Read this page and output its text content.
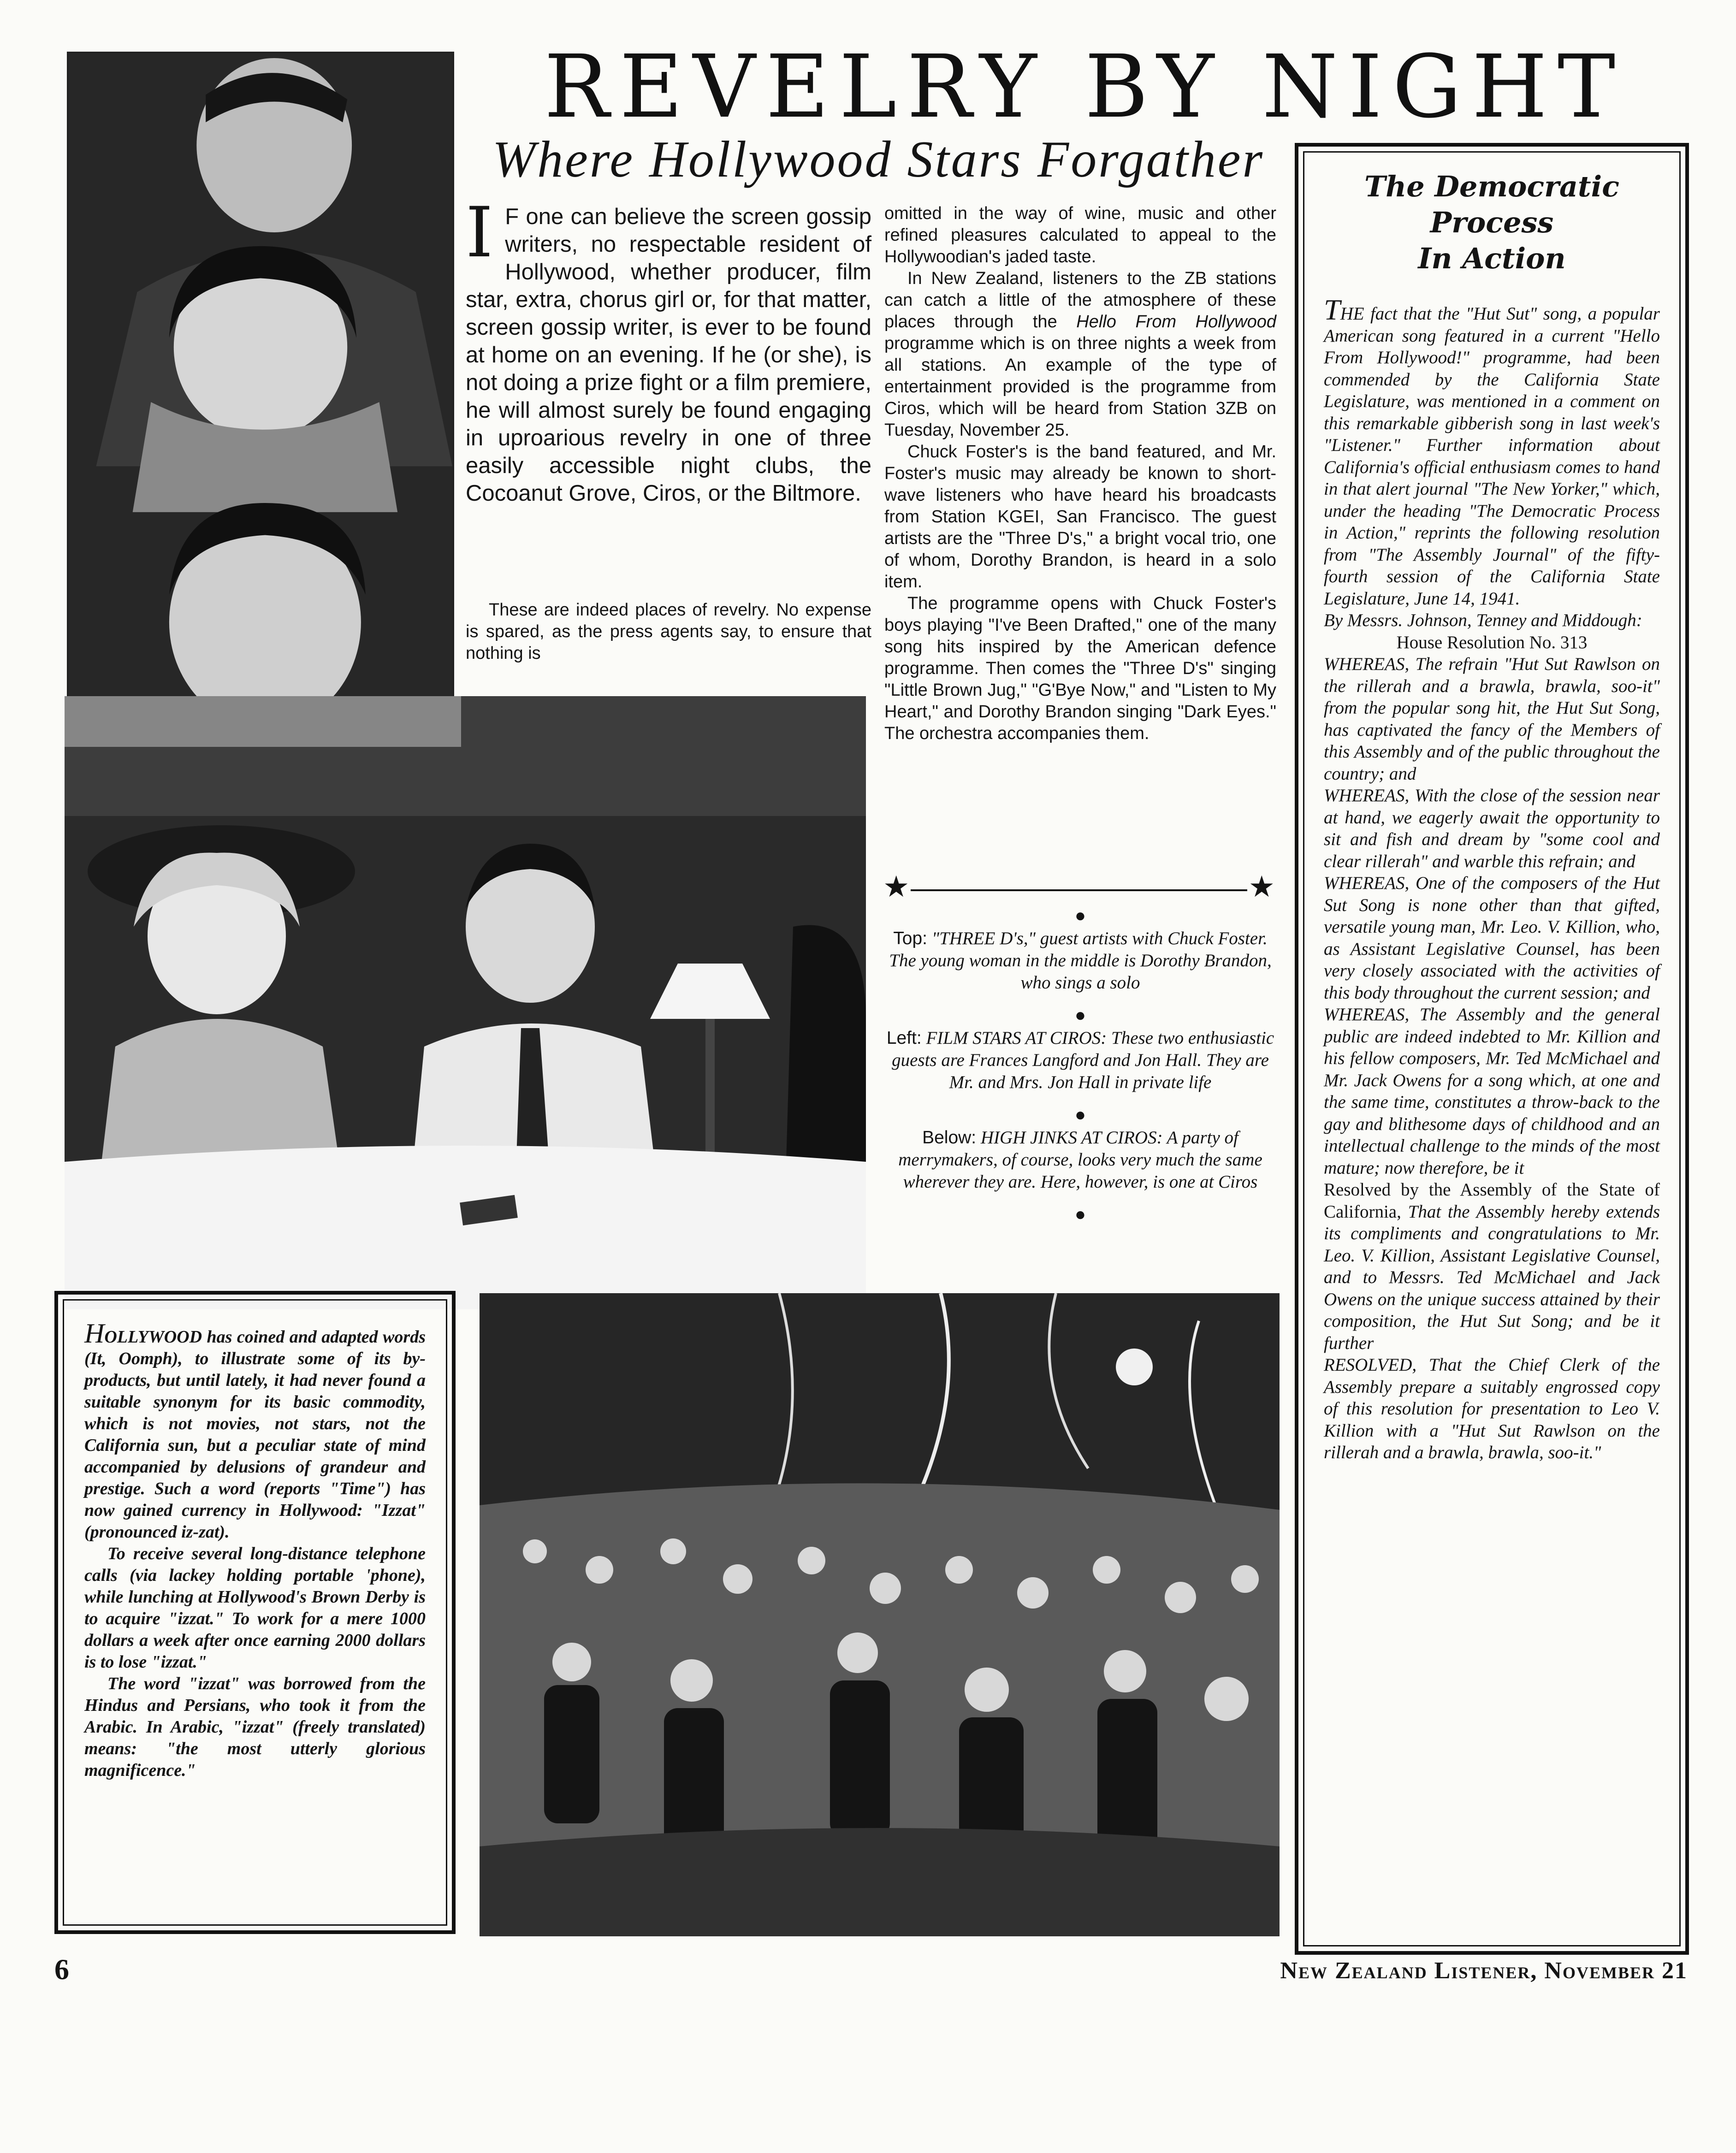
REVELRY BY NIGHT
Where Hollywood Stars Forgather
I F one can believe the screen gossip writers, no respectable resident of Hollywood, whether producer, film star, extra, chorus girl or, for that matter, screen gossip writer, is ever to be found at home on an evening. If he (or she), is not doing a prize fight or a film premiere, he will almost surely be found engaging in uproarious revelry in one of three easily accessible night clubs, the Cocoanut Grove, Ciros, or the Biltmore.

These are indeed places of revelry. No expense is spared, as the press agents say, to ensure that nothing is

omitted in the way of wine, music and other refined pleasures calculated to appeal to the Hollywoodian's jaded taste.

In New Zealand, listeners to the ZB stations can catch a little of the atmosphere of these places through the Hello From Hollywood programme which is on three nights a week from all stations. An example of the type of entertainment provided is the programme from Ciros, which will be heard from Station 3ZB on Tuesday, November 25.

Chuck Foster's is the band featured, and Mr. Foster's music may already be known to short-wave listeners who have heard his broadcasts from Station KGEI, San Francisco. The guest artists are the "Three D's," a bright vocal trio, one of whom, Dorothy Brandon, is heard in a solo item.

The programme opens with Chuck Foster's boys playing "I've Been Drafted," one of the many song hits inspired by the American defence programme. Then comes the "Three D's" singing "Little Brown Jug," "G'Bye Now," and "Listen to My Heart," and Dorothy Brandon singing "Dark Eyes." The orchestra accompanies them.

★	★
●
Top: "THREE D's," guest artists with Chuck Foster. The young woman in the middle is Dorothy Brandon, who sings a solo
●
Left: FILM STARS AT CIROS: These two enthusiastic guests are Frances Langford and Jon Hall. They are Mr. and Mrs. Jon Hall in private life
●
Below: HIGH JINKS AT CIROS: A party of merrymakers, of course, looks very much the same wherever they are. Here, however, is one at Ciros
●
The Democratic
Process
In Action

THE fact that the "Hut Sut" song, a popular American song featured in a current "Hello From Hollywood!" programme, had been commended by the California State Legislature, was mentioned in a comment on this remarkable gibberish song in last week's "Listener." Further information about California's official enthusiasm comes to hand in that alert journal "The New Yorker," which, under the heading "The Democratic Process in Action," reprints the following resolution from "The Assembly Journal" of the fifty-fourth session of the California State Legislature, June 14, 1941.

By Messrs. Johnson, Tenney and Middough:

House Resolution No. 313

WHEREAS, The refrain "Hut Sut Rawlson on the rillerah and a brawla, brawla, soo-it" from the popular song hit, the Hut Sut Song, has captivated the fancy of the Members of this Assembly and of the public throughout the country; and

WHEREAS, With the close of the session near at hand, we eagerly await the opportunity to sit and fish and dream by "some cool and clear rillerah" and warble this refrain; and

WHEREAS, One of the composers of the Hut Sut Song is none other than that gifted, versatile young man, Mr. Leo. V. Killion, who, as Assistant Legislative Counsel, has been very closely associated with the activities of this body throughout the current session; and

WHEREAS, The Assembly and the general public are indeed indebted to Mr. Killion and his fellow composers, Mr. Ted McMichael and Mr. Jack Owens for a song which, at one and the same time, constitutes a throw-back to the gay and blithesome days of childhood and an intellectual challenge to the minds of the most mature; now therefore, be it

Resolved by the Assembly of the State of California, That the Assembly hereby extends its compliments and congratulations to Mr. Leo. V. Killion, Assistant Legislative Counsel, and to Messrs. Ted McMichael and Jack Owens on the unique success attained by their composition, the Hut Sut Song; and be it further

RESOLVED, That the Chief Clerk of the Assembly prepare a suitably engrossed copy of this resolution for presentation to Leo V. Killion with a "Hut Sut Rawlson on the rillerah and a brawla, brawla, soo-it."

HOLLYWOOD has coined and adapted words (It, Oomph), to illustrate some of its by-products, but until lately, it had never found a suitable synonym for its basic commodity, which is not movies, not stars, not the California sun, but a peculiar state of mind accompanied by delusions of grandeur and prestige. Such a word (reports "Time") has now gained currency in Hollywood: "Izzat" (pronounced iz-zat).

To receive several long-distance telephone calls (via lackey holding portable 'phone), while lunching at Hollywood's Brown Derby is to acquire "izzat." To work for a mere 1000 dollars a week after once earning 2000 dollars is to lose "izzat."

The word "izzat" was borrowed from the Hindus and Persians, who took it from the Arabic. In Arabic, "izzat" (freely translated) means: "the most utterly glorious magnificence."

6	New Zealand Listener, November 21
